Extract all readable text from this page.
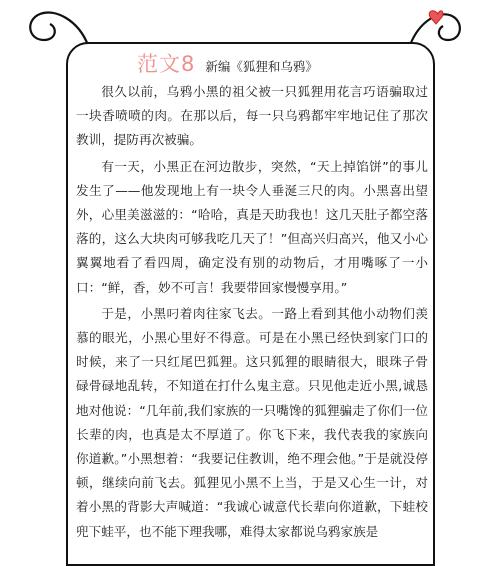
范文8 新编《狐狸和乌鸦》

很久以前，乌鸦小黑的祖父被一只狐狸用花言巧语骗取过一块香喷喷的肉。在那以后，每一只乌鸦都牢牢地记住了那次教训，提防再次被骗。

有一天，小黑正在河边散步，突然，“天上掉馅饼”的事儿发生了——他发现地上有一块令人垂涎三尺的肉。小黑喜出望外，心里美滋滋的：“哈哈，真是天助我也！这几天肚子都空落落的，这么大块肉可够我吃几天了！”但高兴归高兴，他又小心翼翼地看了看四周，确定没有别的动物后，才用嘴啄了一小口：“鲜，香，妙不可言！我要带回家慢慢享用。”

于是，小黑叼着肉往家飞去。一路上看到其他小动物们羡慕的眼光，小黑心里好不得意。可是在小黑已经快到家门口的时候，来了一只红尾巴狐狸。这只狐狸的眼睛很大，眼珠子骨碌骨碌地乱转，不知道在打什么鬼主意。只见他走近小黑,诚恳地对他说：“几年前,我们家族的一只嘴馋的狐狸骗走了你们一位长辈的肉，也真是太不厚道了。你飞下来，我代表我的家族向你道歉。”小黑想着：“我要记住教训，绝不理会他。”于是就没停顿，继续向前飞去。狐狸见小黑不上当，于是又心生一计，对着小黑的背影大声喊道：“我诚心诚意代长辈向你道歉，下蛙校兜下蛙平，也不能下理我哪，难得太家都说乌鸦家族是
